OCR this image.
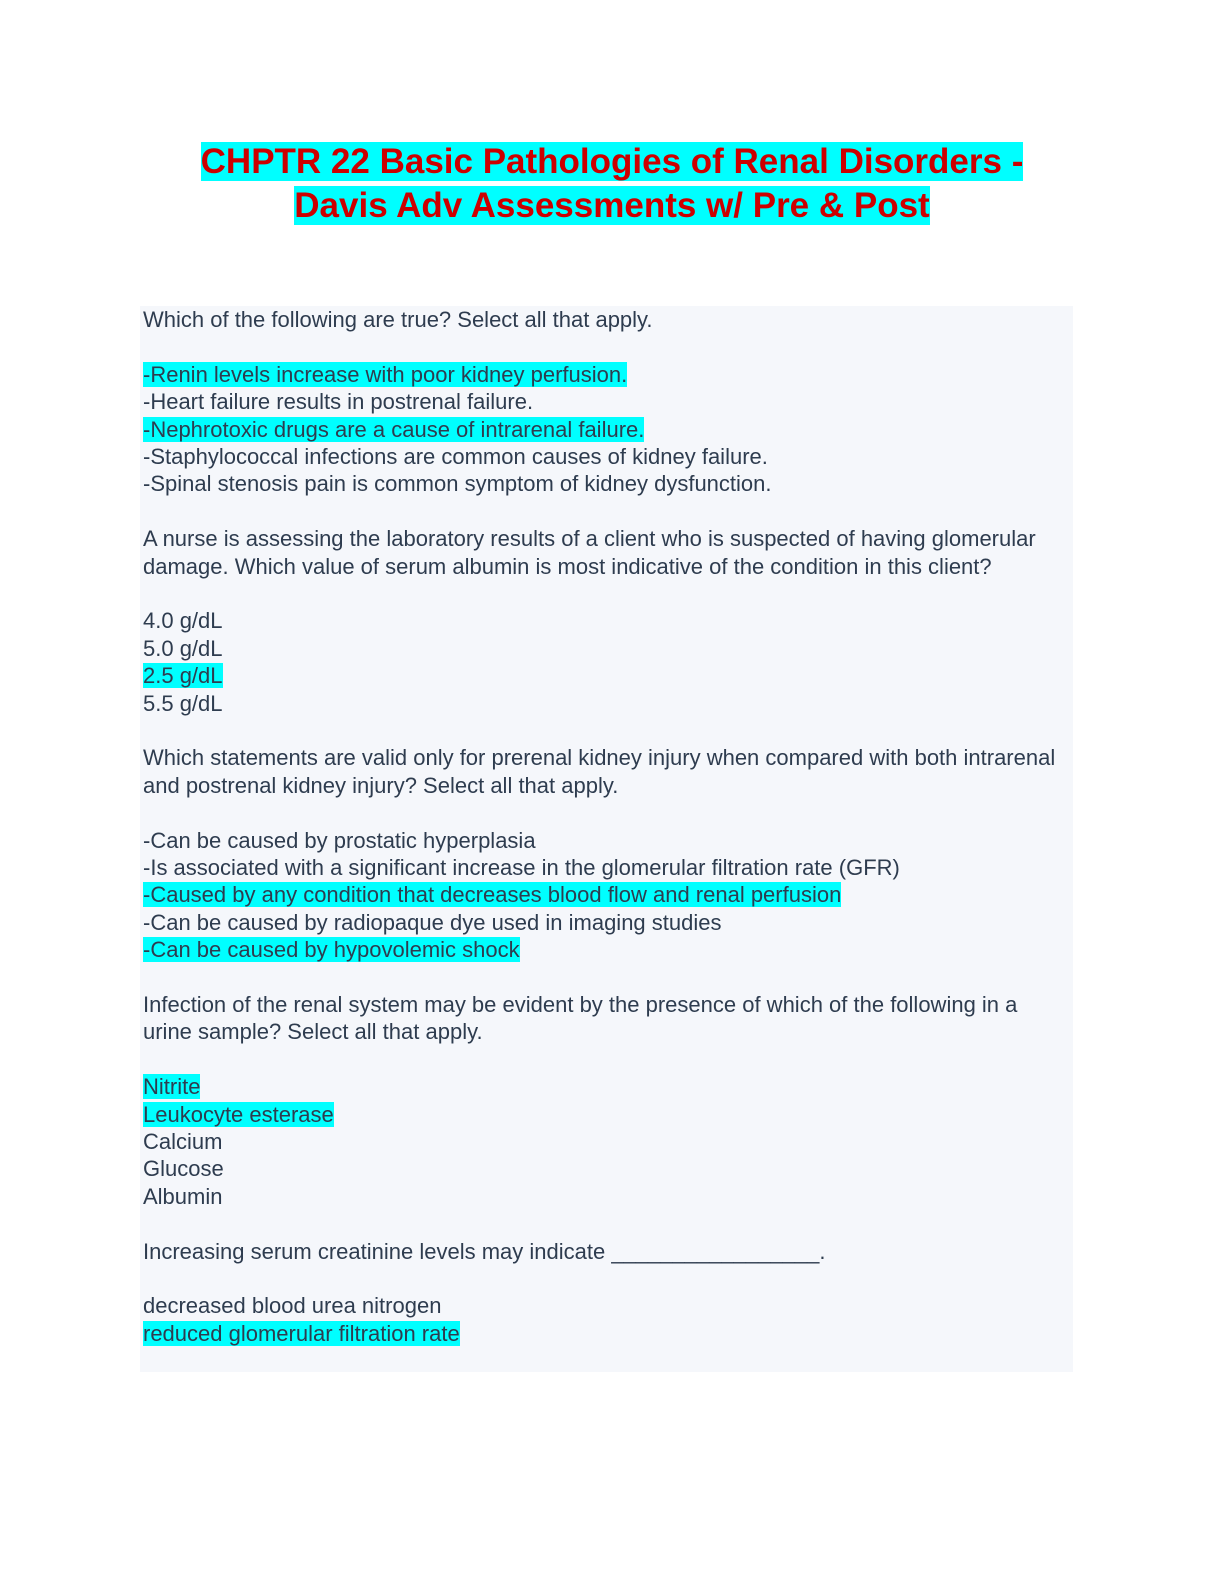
CHPTR 22 Basic Pathologies of Renal Disorders -
Davis Adv Assessments w/ Pre & Post
Which of the following are true? Select all that apply.
-Renin levels increase with poor kidney perfusion.
-Heart failure results in postrenal failure.
-Nephrotoxic drugs are a cause of intrarenal failure.
-Staphylococcal infections are common causes of kidney failure.
-Spinal stenosis pain is common symptom of kidney dysfunction.
A nurse is assessing the laboratory results of a client who is suspected of having glomerular damage. Which value of serum albumin is most indicative of the condition in this client?
4.0 g/dL
5.0 g/dL
2.5 g/dL
5.5 g/dL
Which statements are valid only for prerenal kidney injury when compared with both intrarenal and postrenal kidney injury? Select all that apply.
-Can be caused by prostatic hyperplasia
-Is associated with a significant increase in the glomerular filtration rate (GFR)
-Caused by any condition that decreases blood flow and renal perfusion
-Can be caused by radiopaque dye used in imaging studies
-Can be caused by hypovolemic shock
Infection of the renal system may be evident by the presence of which of the following in a urine sample? Select all that apply.
Nitrite
Leukocyte esterase
Calcium
Glucose
Albumin
Increasing serum creatinine levels may indicate _________________.
decreased blood urea nitrogen
reduced glomerular filtration rate
